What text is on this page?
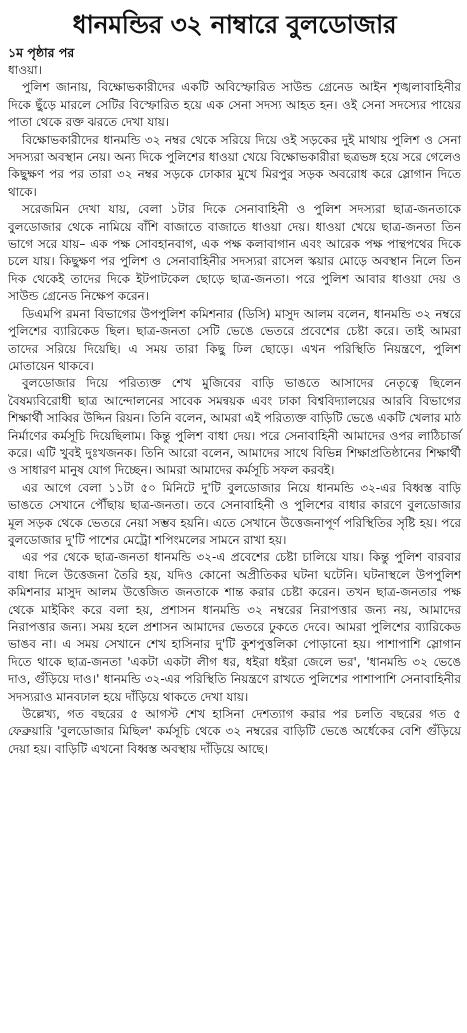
ধানমন্ডির ৩২ নাম্বারে বুলডোজার
১ম পৃষ্ঠার পর

ধাওয়া।

পুলিশ জানায়, বিক্ষোভকারীদের একটি অবিস্ফোরিত সাউন্ড গ্রেনেড আইন শৃঙ্খলাবাহিনীর দিকে ছুঁড়ে মারলে সেটির বিস্ফোরিত হয়ে এক সেনা সদস্য আহত হন। ওই সেনা সদস্যের পায়ের পাতা থেকে রক্ত ঝরতে দেখা যায়।

বিক্ষোভকারীদের ধানমন্ডি ৩২ নম্বর থেকে সরিয়ে দিয়ে ওই সড়কের দুই মাথায় পুলিশ ও সেনা সদস্যরা অবস্থান নেয়। অন্য দিকে পুলিশের ধাওয়া খেয়ে বিক্ষোভকারীরা ছত্রভঙ্গ হয়ে সরে গেলেও কিছুক্ষণ পর পর তারা ৩২ নম্বর সড়কে ঢোকার মুখে মিরপুর সড়ক অবরোধ করে স্লোগান দিতে থাকে।

সরেজমিন দেখা যায়, বেলা ১টার দিকে সেনাবাহিনী ও পুলিশ সদস্যরা ছাত্র-জনতাকে বুলডোজার থেকে নামিয়ে বাঁশি বাজাতে বাজাতে ধাওয়া দেয়। ধাওয়া খেয়ে ছাত্র-জনতা তিন ভাগে সরে যায়– এক পক্ষ সোবহানবাগ, এক পক্ষ কলাবাগান এবং আরেক পক্ষ পান্থপথের দিকে চলে যায়। কিছুক্ষণ পর পুলিশ ও সেনাবাহিনীর সদস্যরা রাসেল স্কয়ার মোড়ে অবস্থান নিলে তিন দিক থেকেই তাদের দিকে ইটপাটকেল ছোড়ে ছাত্র-জনতা। পরে পুলিশ আবার ধাওয়া দেয় ও সাউন্ড গ্রেনেড নিক্ষেপ করেন।

ডিএমপি রমনা বিভাগের উপপুলিশ কমিশনার (ডিসি) মাসুদ আলম বলেন, ধানমন্ডি ৩২ নম্বরে পুলিশের ব্যারিকেড ছিল। ছাত্র-জনতা সেটি ভেঙে ভেতরে প্রবেশের চেষ্টা করে। তাই আমরা তাদের সরিয়ে দিয়েছি। এ সময় তারা কিছু ঢিল ছোড়ে। এখন পরিস্থিতি নিয়ন্ত্রণে, পুলিশ মোতায়েন থাকবে।

বুলডোজার দিয়ে পরিত্যক্ত শেখ মুজিবের বাড়ি ভাঙতে আসাদের নেতৃত্বে ছিলেন বৈষম্যবিরোধী ছাত্র আন্দোলনের সাবেক সমন্বয়ক এবং ঢাকা বিশ্ববিদ্যালয়ের আরবি বিভাগের শিক্ষার্থী সাব্বির উদ্দিন রিয়ন। তিনি বলেন, আমরা এই পরিত্যক্ত বাড়িটি ভেঙে একটি খেলার মাঠ নির্মাণের কর্মসূচি দিয়েছিলাম। কিন্তু পুলিশ বাধা দেয়। পরে সেনাবাহিনী আমাদের ওপর লাঠিচার্জ করে। এটি খুবই দুঃখজনক। তিনি আরো বলেন, আমাদের সাথে বিভিন্ন শিক্ষাপ্রতিষ্ঠানের শিক্ষার্থী ও সাধারণ মানুষ যোগ দিচ্ছেন। আমরা আমাদের কর্মসূচি সফল করবই।

এর আগে বেলা ১১টা ৫০ মিনিটে দু'টি বুলডোজার নিয়ে ধানমন্ডি ৩২-এর বিধ্বস্ত বাড়ি ভাঙতে সেখানে পৌঁছায় ছাত্র-জনতা। তবে সেনাবাহিনী ও পুলিশের বাধার কারণে বুলডোজার মূল সড়ক থেকে ভেতরে নেয়া সম্ভব হয়নি। এতে সেখানে উত্তেজনাপূর্ণ পরিস্থিতির সৃষ্টি হয়। পরে বুলডোজার দু'টি পাশের মেট্রো শপিংমলের সামনে রাখা হয়।

এর পর থেকে ছাত্র-জনতা ধানমন্ডি ৩২-এ প্রবেশের চেষ্টা চালিয়ে যায়। কিন্তু পুলিশ বারবার বাধা দিলে উত্তেজনা তৈরি হয়, যদিও কোনো অপ্রীতিকর ঘটনা ঘটেনি। ঘটনাস্থলে উপপুলিশ কমিশনার মাসুদ আলম উত্তেজিত জনতাকে শান্ত করার চেষ্টা করেন। তখন ছাত্র-জনতার পক্ষ থেকে মাইকিং করে বলা হয়, প্রশাসন ধানমন্ডি ৩২ নম্বরের নিরাপত্তার জন্য নয়, আমাদের নিরাপত্তার জন্য। সময় হলে প্রশাসন আমাদের ভেতরে ঢুকতে দেবে। আমরা পুলিশের ব্যারিকেড ভাঙব না। এ সময় সেখানে শেখ হাসিনার দু'টি কুশপুত্তলিকা পোড়ানো হয়। পাশাপাশি স্লোগান দিতে থাকে ছাত্র-জনতা 'একটা একটা লীগ ধর, ধইরা ধইরা জেলে ভর', 'ধানমন্ডি ৩২ ভেঙে দাও, গুঁড়িয়ে দাও।' ধানমন্ডি ৩২-এর পরিস্থিতি নিয়ন্ত্রণে রাখতে পুলিশের পাশাপাশি সেনাবাহিনীর সদস্যরাও মানবঢাল হয়ে দাঁড়িয়ে থাকতে দেখা যায়।

উল্লেখ্য, গত বছরের ৫ আগস্ট শেখ হাসিনা দেশত্যাগ করার পর চলতি বছরের গত ৫ ফেব্রুয়ারি 'বুলডোজার মিছিল' কর্মসূচি থেকে ৩২ নম্বরের বাড়িটি ভেঙে অর্ধেকের বেশি গুঁড়িয়ে দেয়া হয়। বাড়িটি এখনো বিধ্বস্ত অবস্থায় দাঁড়িয়ে আছে।
